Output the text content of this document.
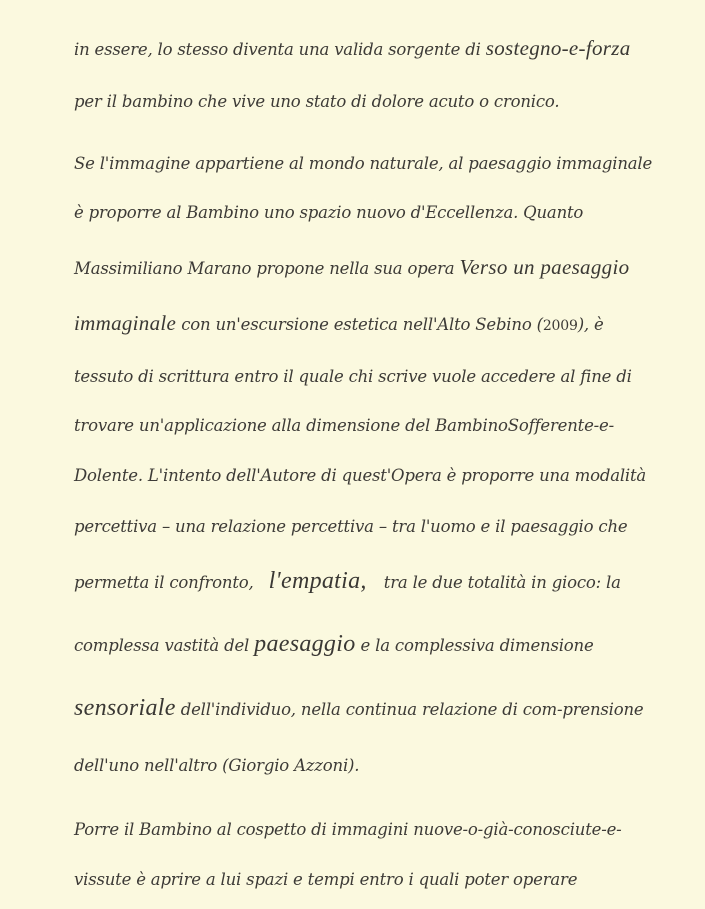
in essere, lo stesso diventa una valida sorgente di sostegno-e-forza
per il bambino che vive uno stato di dolore acuto o cronico.
Se l'immagine appartiene al mondo naturale, al paesaggio immaginale
è proporre al Bambino uno spazio nuovo d'Eccellenza. Quanto
Massimiliano Marano propone nella sua opera Verso un paesaggio
immaginale con un'escursione estetica nell'Alto Sebino (2009), è
tessuto di scrittura entro il quale chi scrive vuole accedere al fine di
trovare un'applicazione alla dimensione del BambinoSofferente-e-
Dolente. L'intento dell'Autore di quest'Opera è proporre una modalità
percettiva – una relazione percettiva – tra l'uomo e il paesaggio che
permetta il confronto, l'empatia, tra le due totalità in gioco: la
complessa vastità del paesaggio e la complessiva dimensione
sensoriale dell'individuo, nella continua relazione di com-prensione
dell'uno nell'altro (Giorgio Azzoni).
Porre il Bambino al cospetto di immagini nuove-o-già-conosciute-e-
vissute è aprire a lui spazi e tempi entro i quali poter operare
